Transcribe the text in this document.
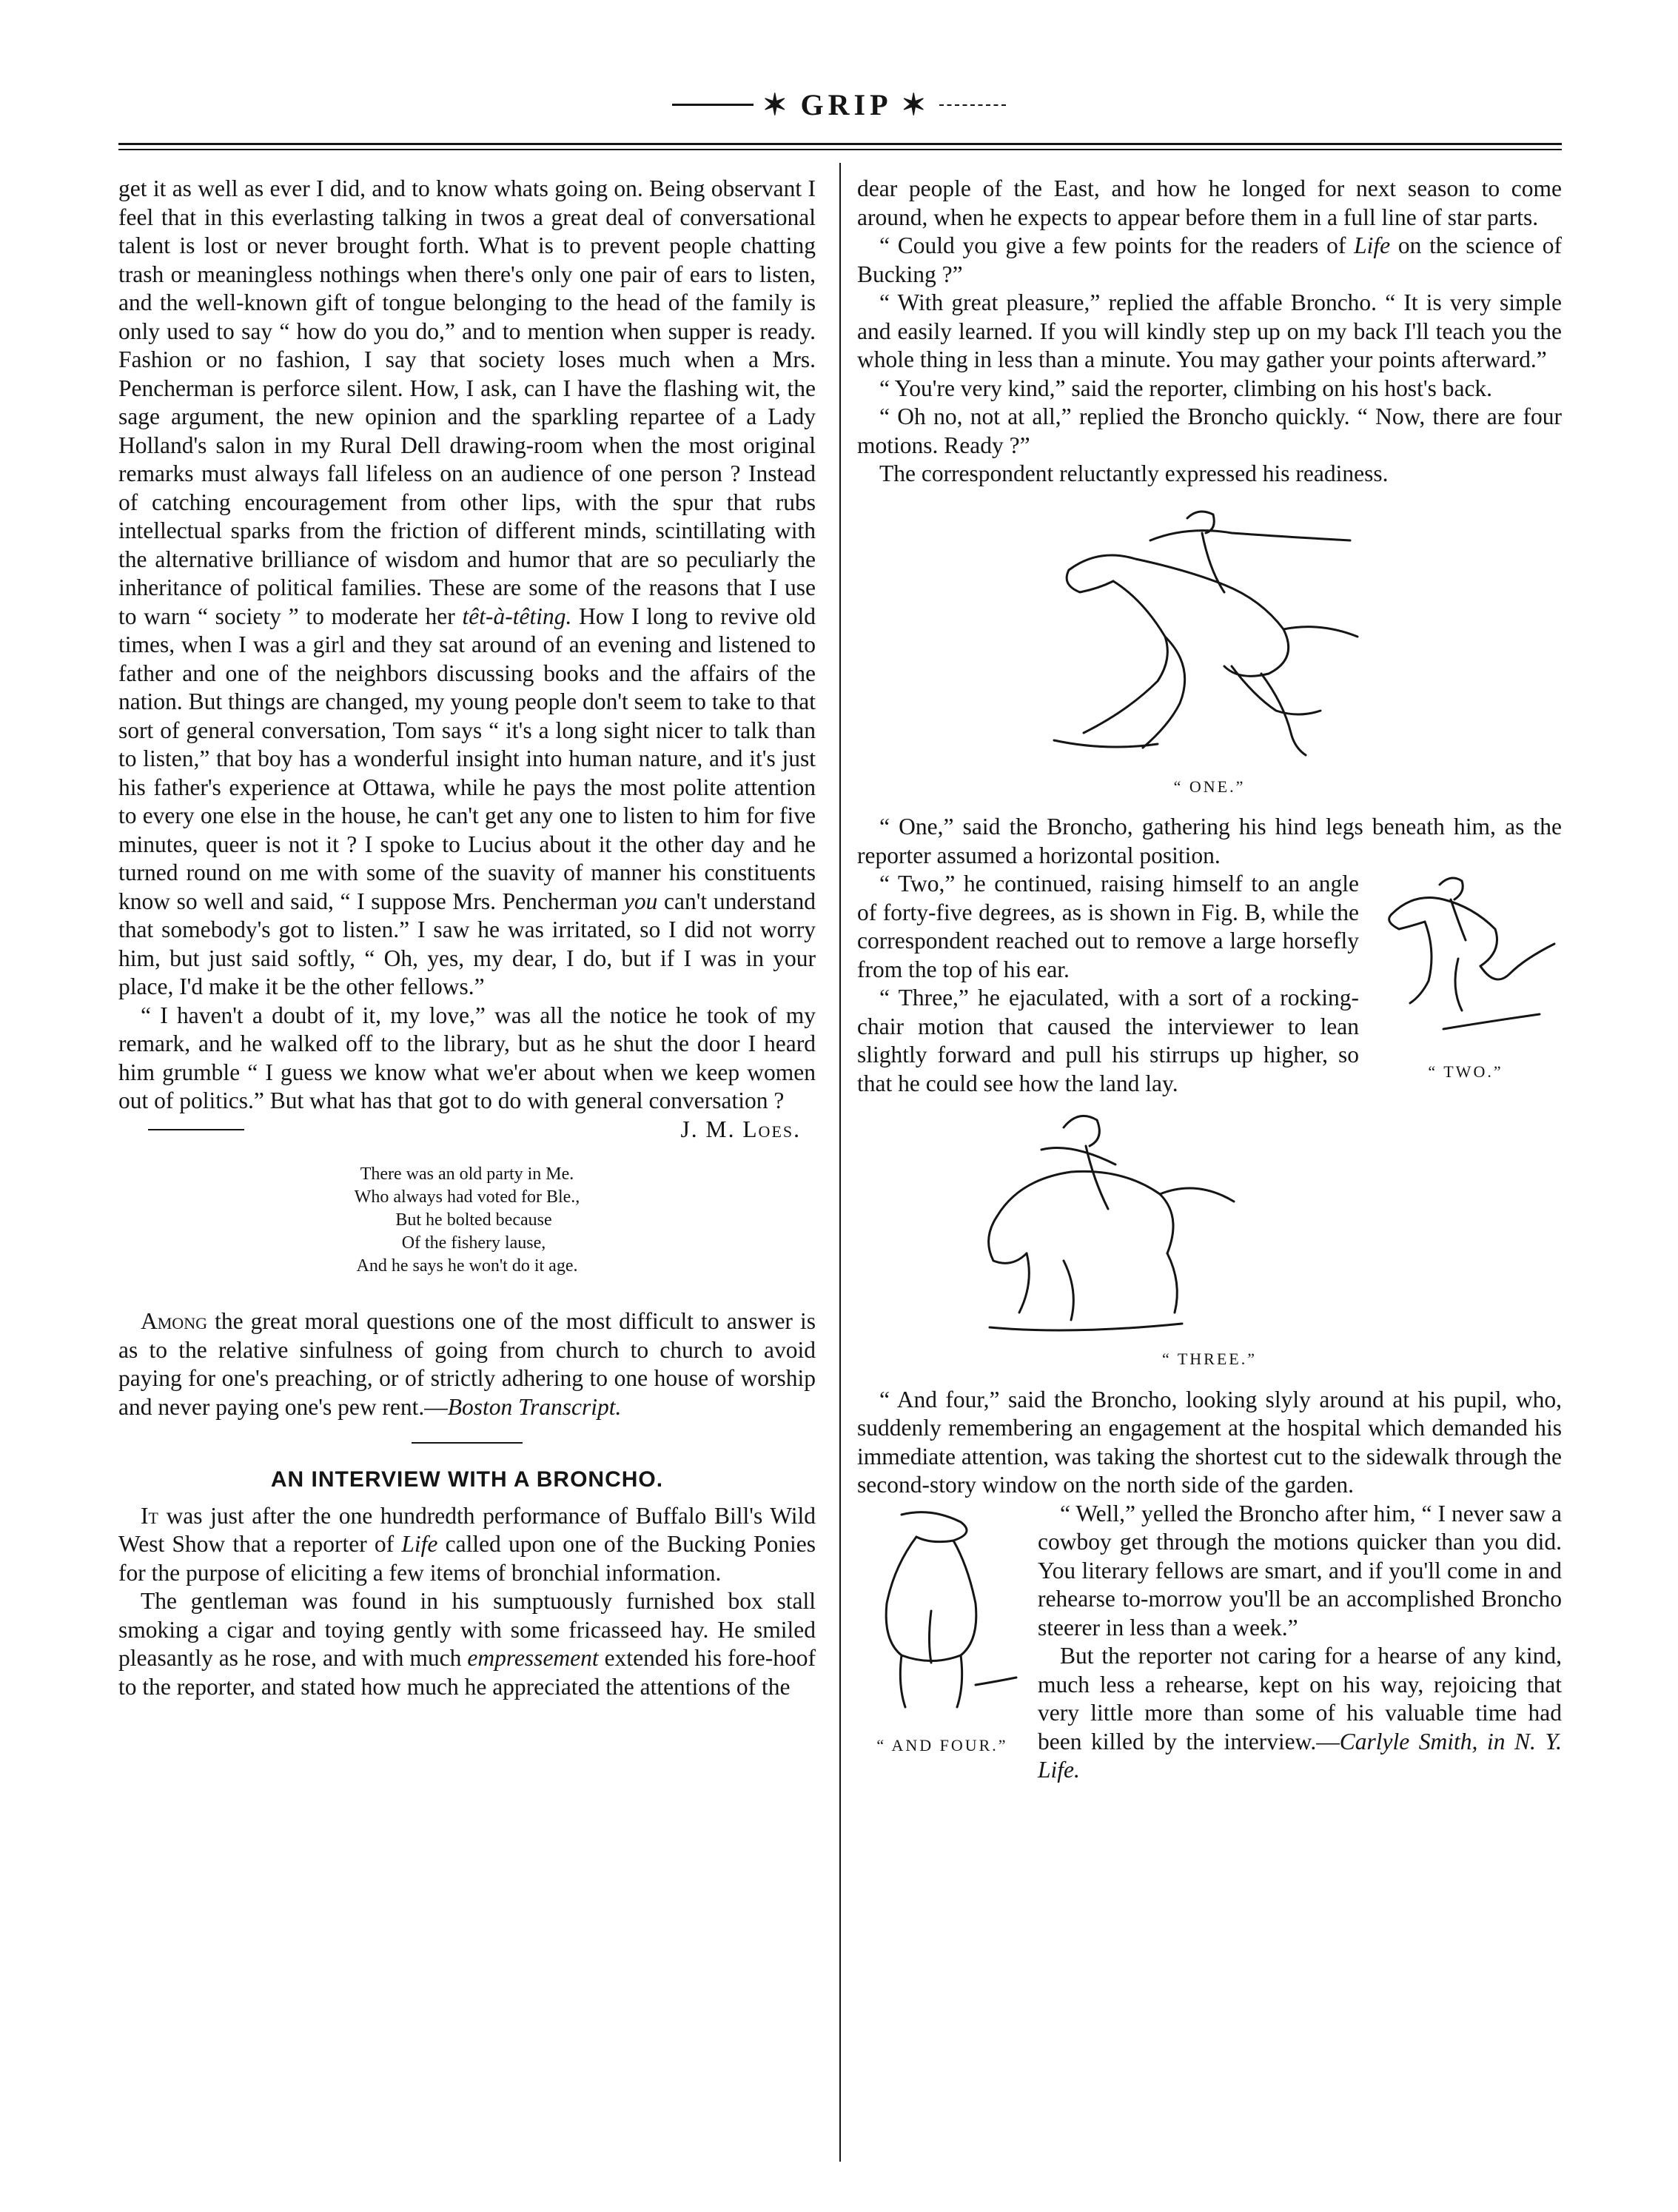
✶ GRIP ✶

get it as well as ever I did, and to know whats going on. Being observant I feel that in this everlasting talking in twos a great deal of conversational talent is lost or never brought forth. What is to prevent people chatting trash or meaningless nothings when there's only one pair of ears to listen, and the well-known gift of tongue belonging to the head of the family is only used to say “ how do you do,” and to mention when supper is ready. Fashion or no fashion, I say that society loses much when a Mrs. Pencherman is perforce silent. How, I ask, can I have the flashing wit, the sage argument, the new opinion and the sparkling repartee of a Lady Holland's salon in my Rural Dell drawing-room when the most original remarks must always fall lifeless on an audience of one person ? Instead of catching encouragement from other lips, with the spur that rubs intellectual sparks from the friction of different minds, scintillating with the alternative brilliance of wisdom and humor that are so peculiarly the inheritance of political families. These are some of the reasons that I use to warn “ society ” to moderate her têt-à-têting. How I long to revive old times, when I was a girl and they sat around of an evening and listened to father and one of the neighbors discussing books and the affairs of the nation. But things are changed, my young people don't seem to take to that sort of general conversation, Tom says “ it's a long sight nicer to talk than to listen,” that boy has a wonderful insight into human nature, and it's just his father's experience at Ottawa, while he pays the most polite attention to every one else in the house, he can't get any one to listen to him for five minutes, queer is not it ? I spoke to Lucius about it the other day and he turned round on me with some of the suavity of manner his constituents know so well and said, “ I suppose Mrs. Pencherman you can't understand that somebody's got to listen.” I saw he was irritated, so I did not worry him, but just said softly, “ Oh, yes, my dear, I do, but if I was in your place, I'd make it be the other fellows.”

“ I haven't a doubt of it, my love,” was all the notice he took of my remark, and he walked off to the library, but as he shut the door I heard him grumble “ I guess we know what we'er about when we keep women out of politics.” But what has that got to do with general conversation ?

J. M. Loes.
There was an old party in Me.
Who always had voted for Ble.,
But he bolted because
Of the fishery lause,
And he says he won't do it age.

Among the great moral questions one of the most difficult to answer is as to the relative sinfulness of going from church to church to avoid paying for one's preaching, or of strictly adhering to one house of worship and never paying one's pew rent.—Boston Transcript.

AN INTERVIEW WITH A BRONCHO.

It was just after the one hundredth performance of Buffalo Bill's Wild West Show that a reporter of Life called upon one of the Bucking Ponies for the purpose of eliciting a few items of bronchial information.

The gentleman was found in his sumptuously furnished box stall smoking a cigar and toying gently with some fricasseed hay. He smiled pleasantly as he rose, and with much empressement extended his fore-hoof to the reporter, and stated how much he appreciated the attentions of the

dear people of the East, and how he longed for next season to come around, when he expects to appear before them in a full line of star parts.

“ Could you give a few points for the readers of Life on the science of Bucking ?”

“ With great pleasure,” replied the affable Broncho. “ It is very simple and easily learned. If you will kindly step up on my back I'll teach you the whole thing in less than a minute. You may gather your points afterward.”

“ You're very kind,” said the reporter, climbing on his host's back.

“ Oh no, not at all,” replied the Broncho quickly. “ Now, there are four motions. Ready ?”

The correspondent reluctantly expressed his readiness.

“ ONE.”

“ One,” said the Broncho, gathering his hind legs beneath him, as the reporter assumed a horizontal position.

“ TWO.”

“ Two,” he continued, raising himself to an angle of forty-five degrees, as is shown in Fig. B, while the correspondent reached out to remove a large horsefly from the top of his ear.

“ Three,” he ejaculated, with a sort of a rocking-chair motion that caused the interviewer to lean slightly forward and pull his stirrups up higher, so that he could see how the land lay.

“ THREE.”

“ And four,” said the Broncho, looking slyly around at his pupil, who, suddenly remembering an engagement at the hospital which demanded his immediate attention, was taking the shortest cut to the sidewalk through the second-story window on the north side of the garden.

“ AND FOUR.”

“ Well,” yelled the Broncho after him, “ I never saw a cowboy get through the motions quicker than you did. You literary fellows are smart, and if you'll come in and rehearse to-morrow you'll be an accomplished Broncho steerer in less than a week.”

But the reporter not caring for a hearse of any kind, much less a rehearse, kept on his way, rejoicing that very little more than some of his valuable time had been killed by the interview.—Carlyle Smith, in N. Y. Life.
